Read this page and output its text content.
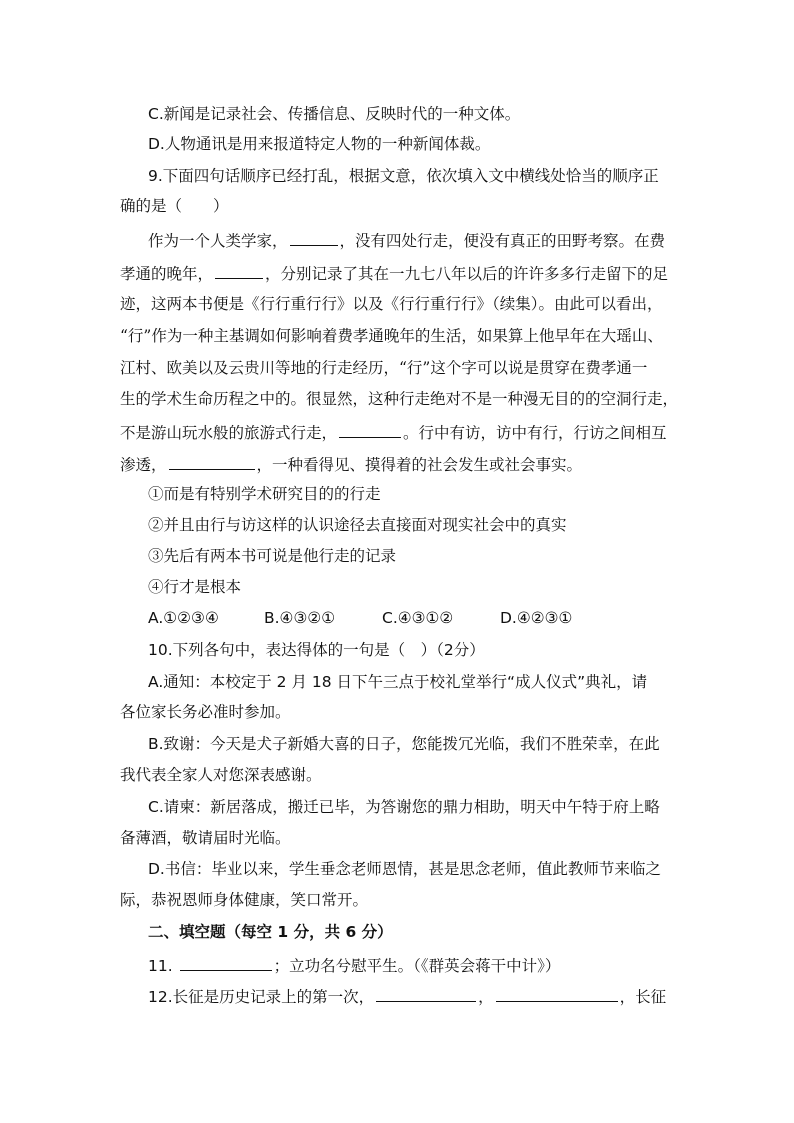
C.新闻是记录社会、传播信息、反映时代的一种文体。
D.人物通讯是用来报道特定人物的一种新闻体裁。
9.下面四句话顺序已经打乱，根据文意，依次填入文中横线处恰当的顺序正
确的是（　　）
作为一个人类学家，	，没有四处行走，便没有真正的田野考察。在费
孝通的晚年，	，分别记录了其在一九七八年以后的许许多多行走留下的足
迹，这两本书便是《行行重行行》以及《行行重行行》（续集）。由此可以看出，
“行”作为一种主基调如何影响着费孝通晚年的生活，如果算上他早年在大瑶山、
江村、欧美以及云贵川等地的行走经历，“行”这个字可以说是贯穿在费孝通一
生的学术生命历程之中的。很显然，这种行走绝对不是一种漫无目的的空洞行走，
不是游山玩水般的旅游式行走，	。行中有访，访中有行，行访之间相互
渗透，	，一种看得见、摸得着的社会发生或社会事实。
①而是有特别学术研究目的的行走
②并且由行与访这样的认识途径去直接面对现实社会中的真实
③先后有两本书可说是他行走的记录
④行才是根本
A.①②③④	B.④③②①	C.④③①②	D.④②③①
10.下列各句中，表达得体的一句是（　）（2分）
A.通知：本校定于 2 月 18 日下午三点于校礼堂举行“成人仪式”典礼，请
各位家长务必准时参加。
B.致谢：今天是犬子新婚大喜的日子，您能拨冗光临，我们不胜荣幸，在此
我代表全家人对您深表感谢。
C.请柬：新居落成，搬迁已毕，为答谢您的鼎力相助，明天中午特于府上略
备薄酒，敬请届时光临。
D.书信：毕业以来，学生垂念老师恩情，甚是思念老师，值此教师节来临之
际，恭祝恩师身体健康，笑口常开。
二、填空题（每空 1 分，共 6 分）
11.	；立功名兮慰平生。（《群英会蒋干中计》）
12.长征是历史记录上的第一次，	，	，长征
